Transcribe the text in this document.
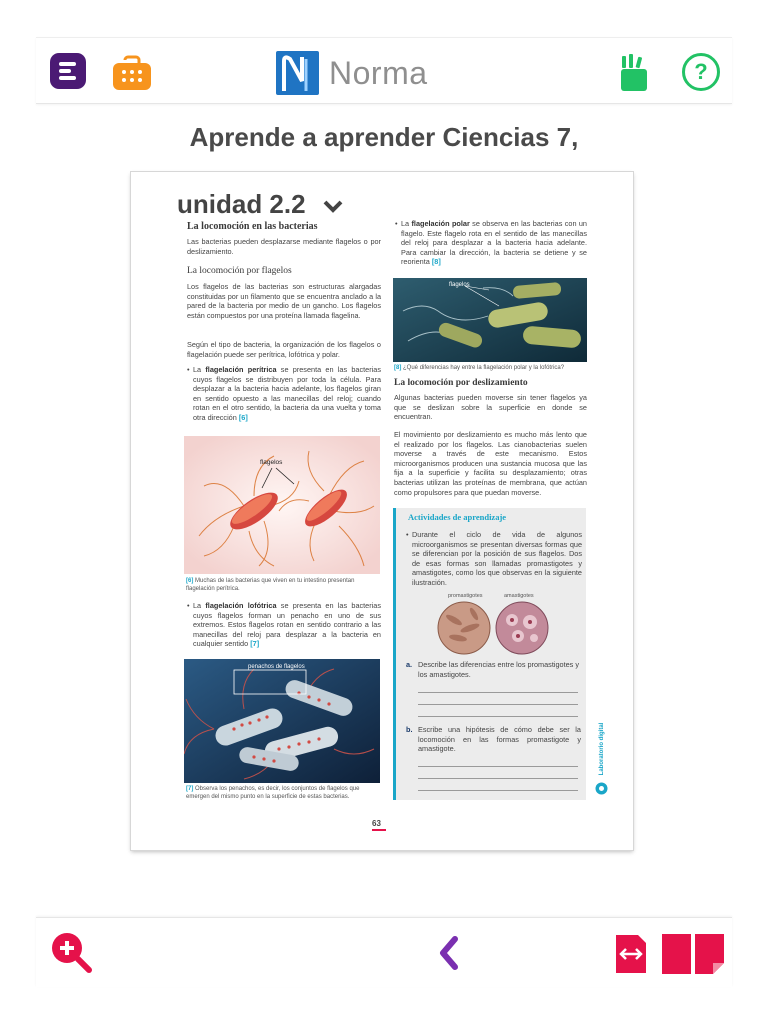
Norma	?
Aprende a aprender Ciencias 7,
unidad 2.2
La locomoción en las bacterias
Las bacterias pueden desplazarse mediante flagelos o por deslizamiento.
La locomoción por flagelos
Los flagelos de las bacterias son estructuras alargadas constituidas por un filamento que se encuentra anclado a la pared de la bacteria por medio de un gancho. Los flagelos están compuestos por una proteína llamada flagelina.
Según el tipo de bacteria, la organización de los flagelos o flagelación puede ser perítrica, lofótrica y polar.
• La flagelación perítrica se presenta en las bacterias cuyos flagelos se distribuyen por toda la célula. Para desplazar a la bacteria hacia adelante, los flagelos giran en sentido opuesto a las manecillas del reloj; cuando rotan en el otro sentido, la bacteria da una vuelta y toma otra dirección [6]
flagelos
[6] Muchas de las bacterias que viven en tu intestino presentan flagelación perítrica.
• La flagelación lofótrica se presenta en las bacterias cuyos flagelos forman un penacho en uno de sus extremos. Estos flagelos rotan en sentido contrario a las manecillas del reloj para desplazar a la bacteria en cualquier sentido [7]
penachos de flagelos
[7] Observa los penachos, es decir, los conjuntos de flagelos que emergen del mismo punto en la superficie de estas bacterias.
• La flagelación polar se observa en las bacterias con un flagelo. Este flagelo rota en el sentido de las manecillas del reloj para desplazar a la bacteria hacia adelante. Para cambiar la dirección, la bacteria se detiene y se reorienta [8]
flagelos
[8] ¿Qué diferencias hay entre la flagelación polar y la lofótrica?
La locomoción por deslizamiento
Algunas bacterias pueden moverse sin tener flagelos ya que se deslizan sobre la superficie en donde se encuentran.
El movimiento por deslizamiento es mucho más lento que el realizado por los flagelos. Las cianobacterias suelen moverse a través de este mecanismo. Estos microorganismos producen una sustancia mucosa que las fija a la superficie y facilita su desplazamiento; otras bacterias utilizan las proteínas de membrana, que actúan como propulsores para que puedan moverse.
Actividades de aprendizaje
• Durante el ciclo de vida de algunos microorganismos se presentan diversas formas que se diferencian por la posición de sus flagelos. Dos de esas formas son llamadas promastigotes y amastigotes, como los que observas en la siguiente ilustración.
promastigotes	amastigotes
a. Describe las diferencias entre los promastigotes y los amastigotes.
b. Escribe una hipótesis de cómo debe ser la locomoción en las formas promastigote y amastigote.	Laboratorio digital
63
